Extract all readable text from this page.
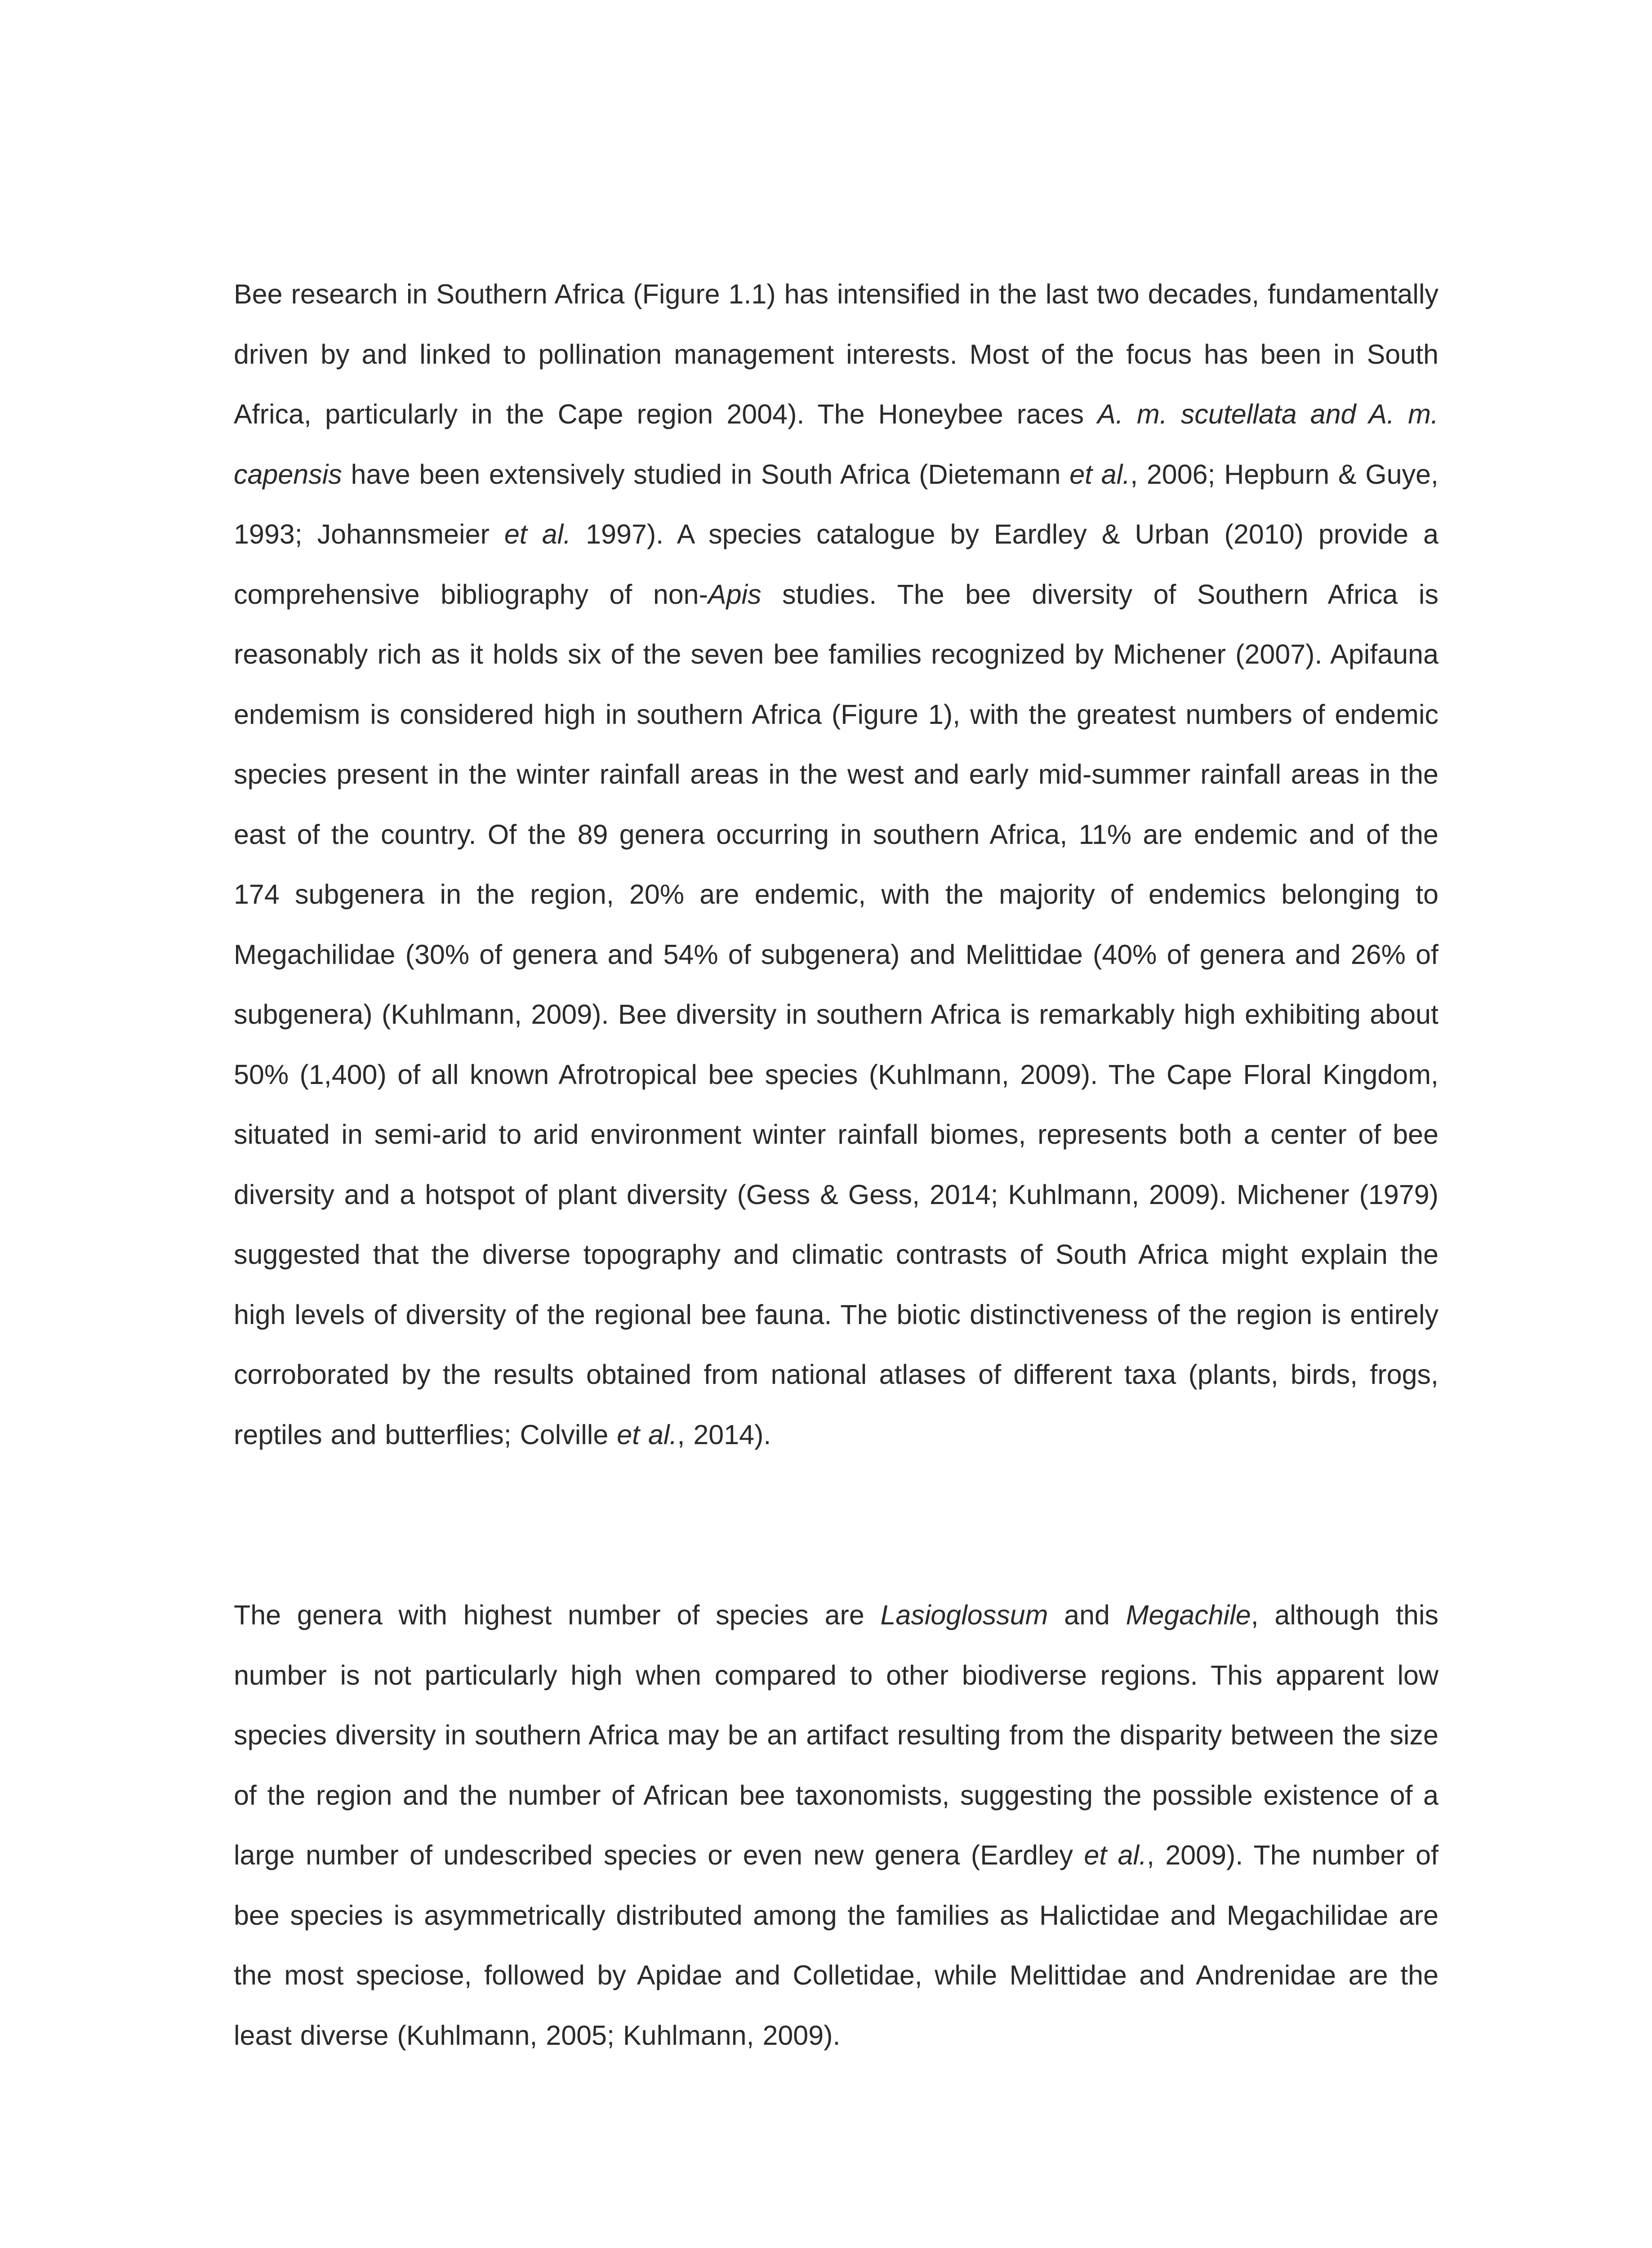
Bee research in Southern Africa (Figure 1.1) has intensified in the last two decades, fundamentally driven by and linked to pollination management interests. Most of the focus has been in South Africa, particularly in the Cape region 2004). The Honeybee races A. m. scutellata and A. m. capensis have been extensively studied in South Africa (Dietemann et al., 2006; Hepburn & Guye, 1993; Johannsmeier et al. 1997). A species catalogue by Eardley & Urban (2010) provide a comprehensive bibliography of non-Apis studies. The bee diversity of Southern Africa is reasonably rich as it holds six of the seven bee families recognized by Michener (2007). Apifauna endemism is considered high in southern Africa (Figure 1), with the greatest numbers of endemic species present in the winter rainfall areas in the west and early mid-summer rainfall areas in the east of the country. Of the 89 genera occurring in southern Africa, 11% are endemic and of the 174 subgenera in the region, 20% are endemic, with the majority of endemics belonging to Megachilidae (30% of genera and 54% of subgenera) and Melittidae (40% of genera and 26% of subgenera) (Kuhlmann, 2009). Bee diversity in southern Africa is remarkably high exhibiting about 50% (1,400) of all known Afrotropical bee species (Kuhlmann, 2009). The Cape Floral Kingdom, situated in semi-arid to arid environment winter rainfall biomes, represents both a center of bee diversity and a hotspot of plant diversity (Gess & Gess, 2014; Kuhlmann, 2009). Michener (1979) suggested that the diverse topography and climatic contrasts of South Africa might explain the high levels of diversity of the regional bee fauna. The biotic distinctiveness of the region is entirely corroborated by the results obtained from national atlases of different taxa (plants, birds, frogs, reptiles and butterflies; Colville et al., 2014).

The genera with highest number of species are Lasioglossum and Megachile, although this number is not particularly high when compared to other biodiverse regions. This apparent low species diversity in southern Africa may be an artifact resulting from the disparity between the size of the region and the number of African bee taxonomists, suggesting the possible existence of a large number of undescribed species or even new genera (Eardley et al., 2009). The number of bee species is asymmetrically distributed among the families as Halictidae and Megachilidae are the most speciose, followed by Apidae and Colletidae, while Melittidae and Andrenidae are the least diverse (Kuhlmann, 2005; Kuhlmann, 2009).
